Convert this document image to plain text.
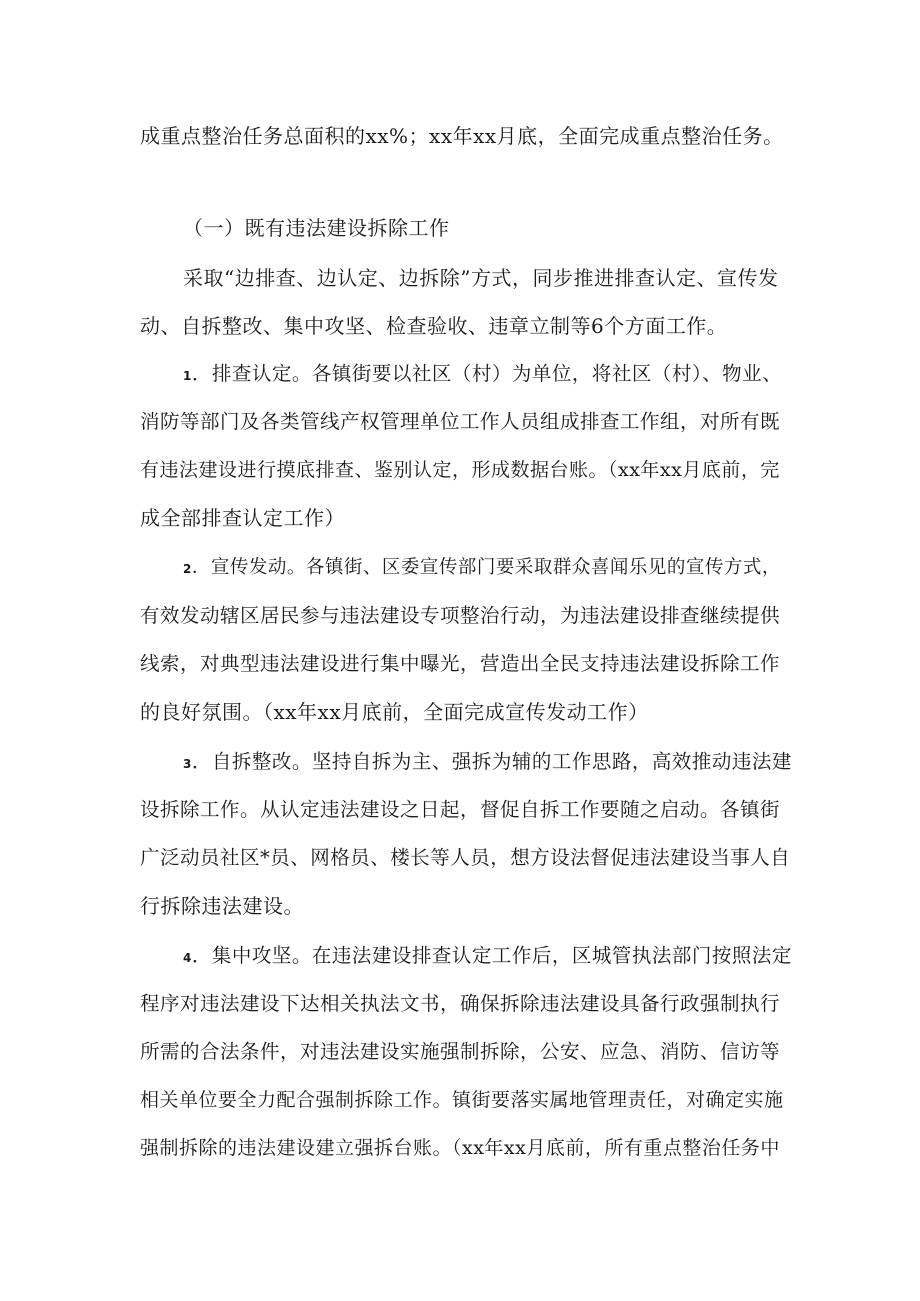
成重点整治任务总面积的xx%；xx年xx月底，全面完成重点整治任务。
（一）既有违法建设拆除工作
采取“边排查、边认定、边拆除”方式，同步推进排查认定、宣传发
动、自拆整改、集中攻坚、检查验收、违章立制等6个方面工作。
1．排查认定。各镇街要以社区（村）为单位，将社区（村）、物业、
消防等部门及各类管线产权管理单位工作人员组成排查工作组，对所有既
有违法建设进行摸底排查、鉴别认定，形成数据台账。（xx年xx月底前，完
成全部排查认定工作）
2．宣传发动。各镇街、区委宣传部门要采取群众喜闻乐见的宣传方式，
有效发动辖区居民参与违法建设专项整治行动，为违法建设排查继续提供
线索，对典型违法建设进行集中曝光，营造出全民支持违法建设拆除工作
的良好氛围。（xx年xx月底前，全面完成宣传发动工作）
3．自拆整改。坚持自拆为主、强拆为辅的工作思路，高效推动违法建
设拆除工作。从认定违法建设之日起，督促自拆工作要随之启动。各镇街
广泛动员社区*员、网格员、楼长等人员，想方设法督促违法建设当事人自
行拆除违法建设。
4．集中攻坚。在违法建设排查认定工作后，区城管执法部门按照法定
程序对违法建设下达相关执法文书，确保拆除违法建设具备行政强制执行
所需的合法条件，对违法建设实施强制拆除，公安、应急、消防、信访等
相关单位要全力配合强制拆除工作。镇街要落实属地管理责任，对确定实施
强制拆除的违法建设建立强拆台账。（xx年xx月底前，所有重点整治任务中
